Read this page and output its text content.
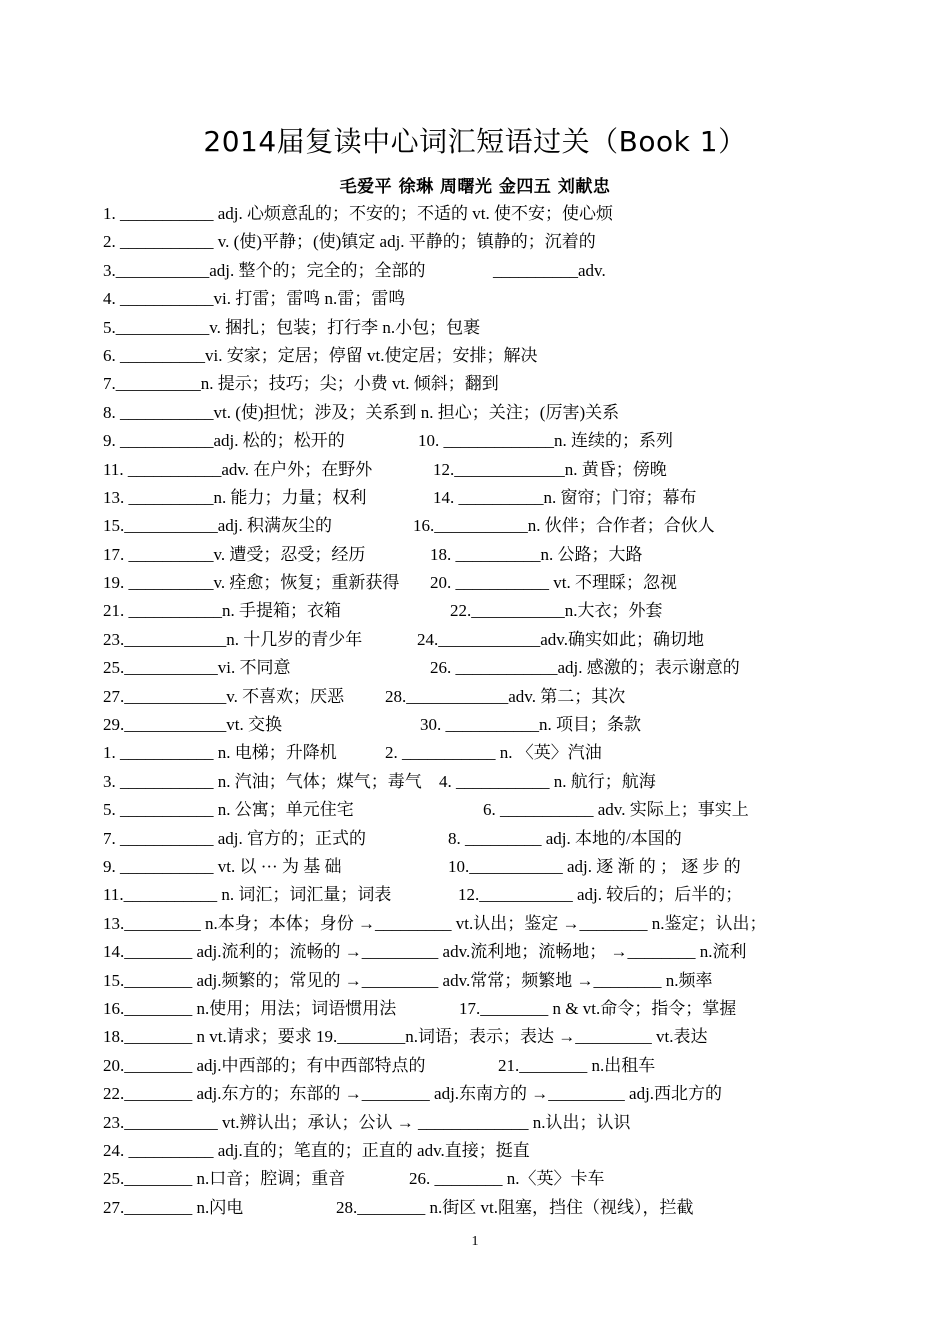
2014届复读中心词汇短语过关（Book 1）
毛爱平 徐琳 周曙光 金四五 刘献忠
1. ___________ adj. 心烦意乱的；不安的；不适的 vt. 使不安；使心烦
2. ___________ v. (使)平静；(使)镇定 adj. 平静的；镇静的；沉着的
3.___________adj. 整个的；完全的；全部的	__________adv.
4. ___________vi. 打雷；雷鸣 n.雷；雷鸣
5.___________v. 捆扎；包装；打行李 n.小包；包裹
6. __________vi. 安家；定居；停留 vt.使定居；安排；解决
7.__________n. 提示；技巧；尖；小费 vt. 倾斜；翻到
8. ___________vt. (使)担忧；涉及；关系到 n. 担心；关注；(厉害)关系
9. ___________adj. 松的；松开的	10. _____________n. 连续的；系列
11. ___________adv. 在户外；在野外	12._____________n. 黄昏；傍晚
13. __________n. 能力；力量；权利	14. __________n. 窗帘；门帘；幕布
15.___________adj. 积满灰尘的	16.___________n. 伙伴；合作者；合伙人
17. __________v. 遭受；忍受；经历	18. __________n. 公路；大路
19. __________v. 痊愈；恢复；重新获得 20. ___________ vt. 不理睬；忽视
21. ___________n. 手提箱；衣箱	22.___________n.大衣；外套
23.____________n. 十几岁的青少年	24.____________adv.确实如此；确切地
25.___________vi. 不同意	26. ____________adj. 感激的；表示谢意的
27.____________v. 不喜欢；厌恶 28.____________adv. 第二；其次
29.____________vt. 交换	30. ___________n. 项目；条款
1. ___________ n. 电梯；升降机	2. ___________ n. 〈英〉汽油
3. ___________ n. 汽油；气体；煤气；毒气 4. ___________ n. 航行；航海
5. ___________ n. 公寓；单元住宅	6. ___________ adv. 实际上；事实上
7. ___________ adj. 官方的；正式的	8. _________ adj. 本地的/本国的
9. ___________ vt. 以 ··· 为 基 础	10.___________ adj. 逐 渐 的 ； 逐 步 的
11.___________ n. 词汇；词汇量；词表	12.___________ adj. 较后的；后半的；
13._________ n.本身；本体；身份 →_________ vt.认出；鉴定 →________ n.鉴定；认出；
14.________ adj.流利的；流畅的 →_________ adv.流利地；流畅地； →________ n.流利
15.________ adj.频繁的；常见的 →_________ adv.常常；频繁地 →________ n.频率
16.________ n.使用；用法；词语惯用法	17.________ n & vt.命令；指令；掌握
18.________ n vt.请求；要求 19.________n.词语；表示；表达 →_________ vt.表达
20.________ adj.中西部的；有中西部特点的	21.________ n.出租车
22.________ adj.东方的；东部的 →________ adj.东南方的 →_________ adj.西北方的
23.___________ vt.辨认出；承认；公认 → _____________ n.认出；认识
24. __________ adj.直的；笔直的；正直的 adv.直接；挺直
25.________ n.口音；腔调；重音	26. ________ n.〈英〉卡车
27.________ n.闪电	28.________ n.街区 vt.阻塞，挡住（视线），拦截
1
